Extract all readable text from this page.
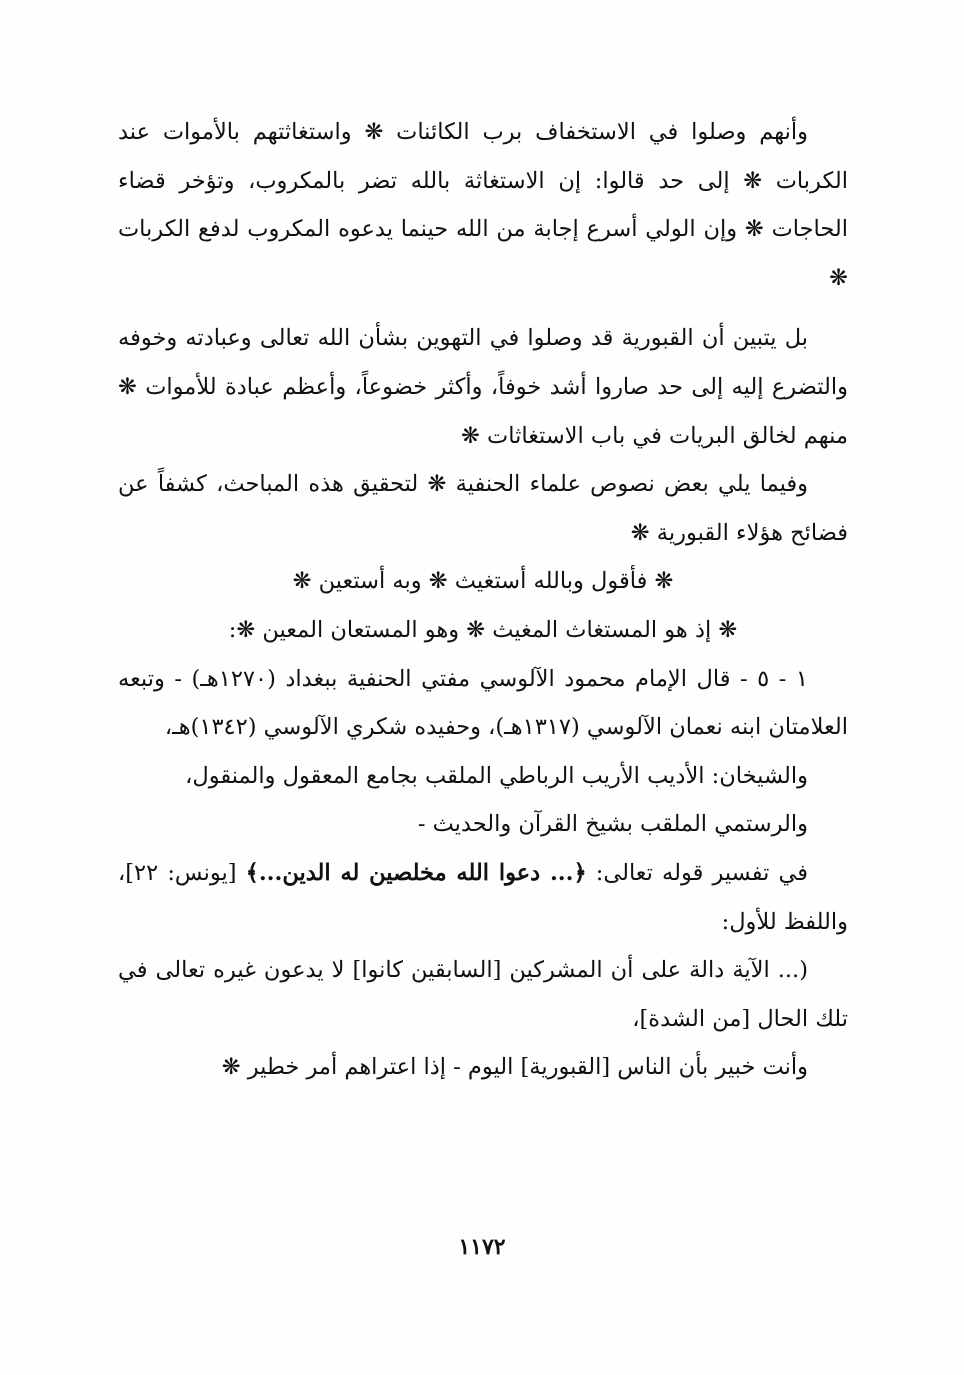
وأنهم وصلوا في الاستخفاف برب الكائنات ❋ واستغاثتهم بالأموات عند الكربات ❋ إلى حد قالوا: إن الاستغاثة بالله تضر بالمكروب، وتؤخر قضاء الحاجات ❋ وإن الولي أسرع إجابة من الله حينما يدعوه المكروب لدفع الكربات ❋

بل يتبين أن القبورية قد وصلوا في التهوين بشأن الله تعالى وعبادته وخوفه والتضرع إليه إلى حد صاروا أشد خوفاً، وأكثر خضوعاً، وأعظم عبادة للأموات ❋ منهم لخالق البريات في باب الاستغاثات ❋

وفيما يلي بعض نصوص علماء الحنفية ❋ لتحقيق هذه المباحث، كشفاً عن فضائح هؤلاء القبورية ❋

❋ فأقول وبالله أستغيث ❋ وبه أستعين ❋

❋ إذ هو المستغاث المغيث ❋ وهو المستعان المعين ❋:

١ - ٥ - قال الإمام محمود الآلوسي مفتي الحنفية ببغداد (١٢٧٠هـ) - وتبعه العلامتان ابنه نعمان الآلوسي (١٣١٧هـ)، وحفيده شكري الآلوسي (١٣٤٢)هـ،

والشيخان: الأديب الأريب الرباطي الملقب بجامع المعقول والمنقول،

والرستمي الملقب بشيخ القرآن والحديث -

في تفسير قوله تعالى: ﴿... دعوا الله مخلصين له الدين...﴾ [يونس: ٢٢]، واللفظ للأول:

(... الآية دالة على أن المشركين [السابقين كانوا] لا يدعون غيره تعالى في تلك الحال [من الشدة]،

وأنت خبير بأن الناس [القبورية] اليوم - إذا اعتراهم أمر خطير ❋

١١٧٢
